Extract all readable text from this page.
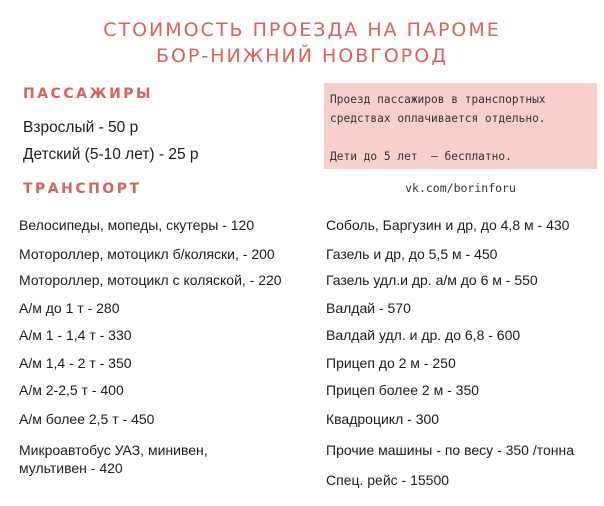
СТОИМОСТЬ ПРОЕЗДА НА ПАРОМЕ
БОР-НИЖНИЙ НОВГОРОД
ПАССАЖИРЫ
Взрослый - 50 р
Детский (5-10 лет) - 25 р
Проезд пассажиров в транспортных
средствах оплачивается отдельно.

Дети до 5 лет  — бесплатно.
vk.com/borinforu
ТРАНСПОРТ
Велосипеды, мопеды, скутеры - 120
Мотороллер, мотоцикл б/коляски, - 200
Мотороллер, мотоцикл с коляской, - 220
А/м до 1 т - 280
А/м 1 - 1,4 т - 330
А/м 1,4 - 2 т - 350
А/м 2-2,5 т - 400
А/м более 2,5 т - 450
Микроавтобус УАЗ, минивен, мультивен - 420
Соболь, Баргузин и др, до 4,8 м - 430
Газель и др, до 5,5 м - 450
Газель удл.и др. а/м до 6 м - 550
Валдай - 570
Валдай удл. и др. до 6,8 - 600
Прицеп до 2 м - 250
Прицеп более 2 м - 350
Квадроцикл - 300
Прочие машины - по весу - 350 /тонна
Спец. рейс - 15500
